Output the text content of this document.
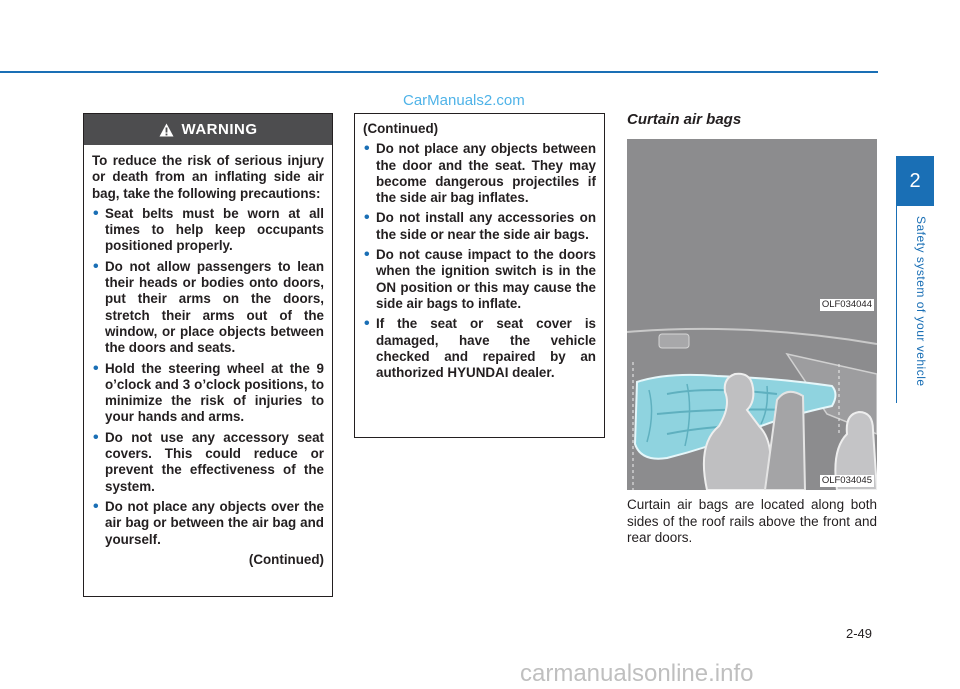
CarManuals2.com
WARNING

To reduce the risk of serious injury or death from an inflating side air bag, take the following precautions:

• Seat belts must be worn at all times to help keep occupants positioned properly.
• Do not allow passengers to lean their heads or bodies onto doors, put their arms on the doors, stretch their arms out of the window, or place objects between the doors and seats.
• Hold the steering wheel at the 9 o’clock and 3 o’clock positions, to minimize the risk of injuries to your hands and arms.
• Do not use any accessory seat covers. This could reduce or prevent the effectiveness of the system.
• Do not place any objects over the air bag or between the air bag and yourself.
(Continued)

(Continued)

• Do not place any objects between the door and the seat. They may become dangerous projectiles if the side air bag inflates.
• Do not install any accessories on the side or near the side air bags.
• Do not cause impact to the doors when the ignition switch is in the ON position or this may cause the side air bags to inflate.
• If the seat or seat cover is damaged, have the vehicle checked and repaired by an authorized HYUNDAI dealer.
Curtain air bags
OLF034044
OLF034045
Curtain air bags are located along both sides of the roof rails above the front and rear doors.
2
Safety system of your vehicle
2-49
carmanualsonline.info
